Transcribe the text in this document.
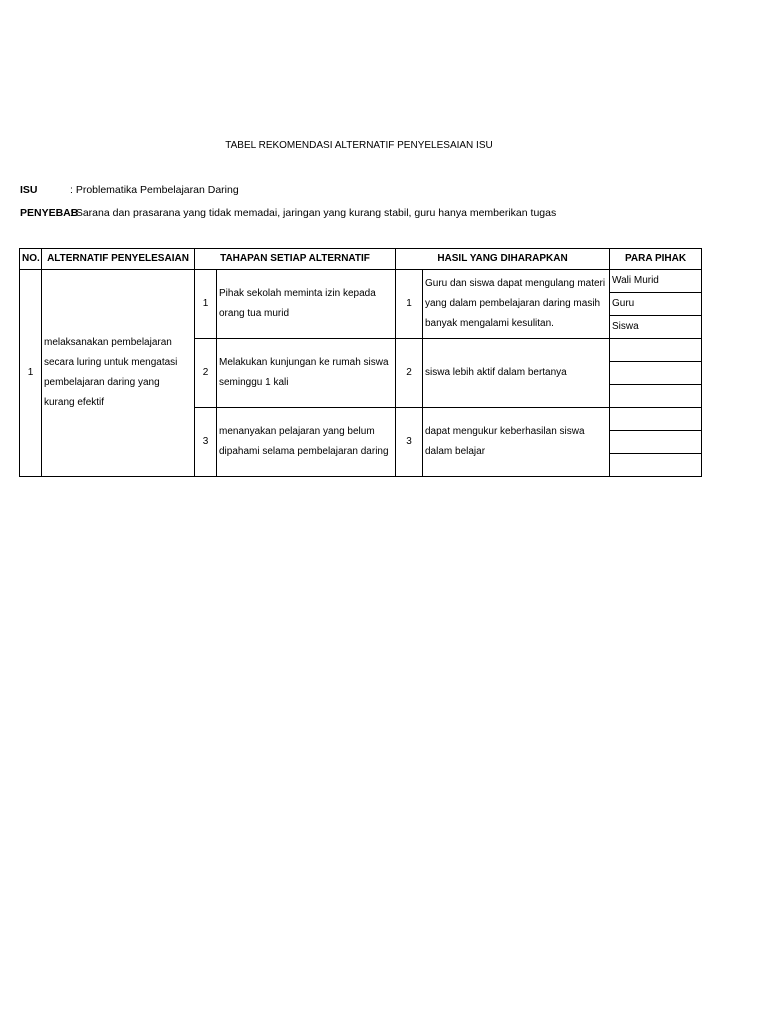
TABEL REKOMENDASI ALTERNATIF PENYELESAIAN ISU
ISU	: Problematika Pembelajaran Daring
PENYEBAB
: Sarana dan prasarana yang tidak memadai, jaringan yang kurang stabil, guru hanya memberikan tugas
NO.	ALTERNATIF PENYELESAIAN	TAHAPAN SETIAP ALTERNATIF		HASIL YANG DIHARAPKAN		PARA PIHAK
1	melaksanakan pembelajaran secara luring untuk mengatasi pembelajaran daring yang kurang efektif	1	Pihak sekolah meminta izin kepada orang tua murid	1	Guru dan siswa dapat mengulang materi yang dalam pembelajaran daring masih banyak mengalami kesulitan.	Wali Murid
						Guru
						Siswa
		2	Melakukan kunjungan ke rumah siswa seminggu 1 kali	2	siswa lebih aktif dalam bertanya	

		3	menanyakan pelajaran yang belum dipahami selama pembelajaran daring	3	dapat mengukur keberhasilan siswa dalam belajar	
